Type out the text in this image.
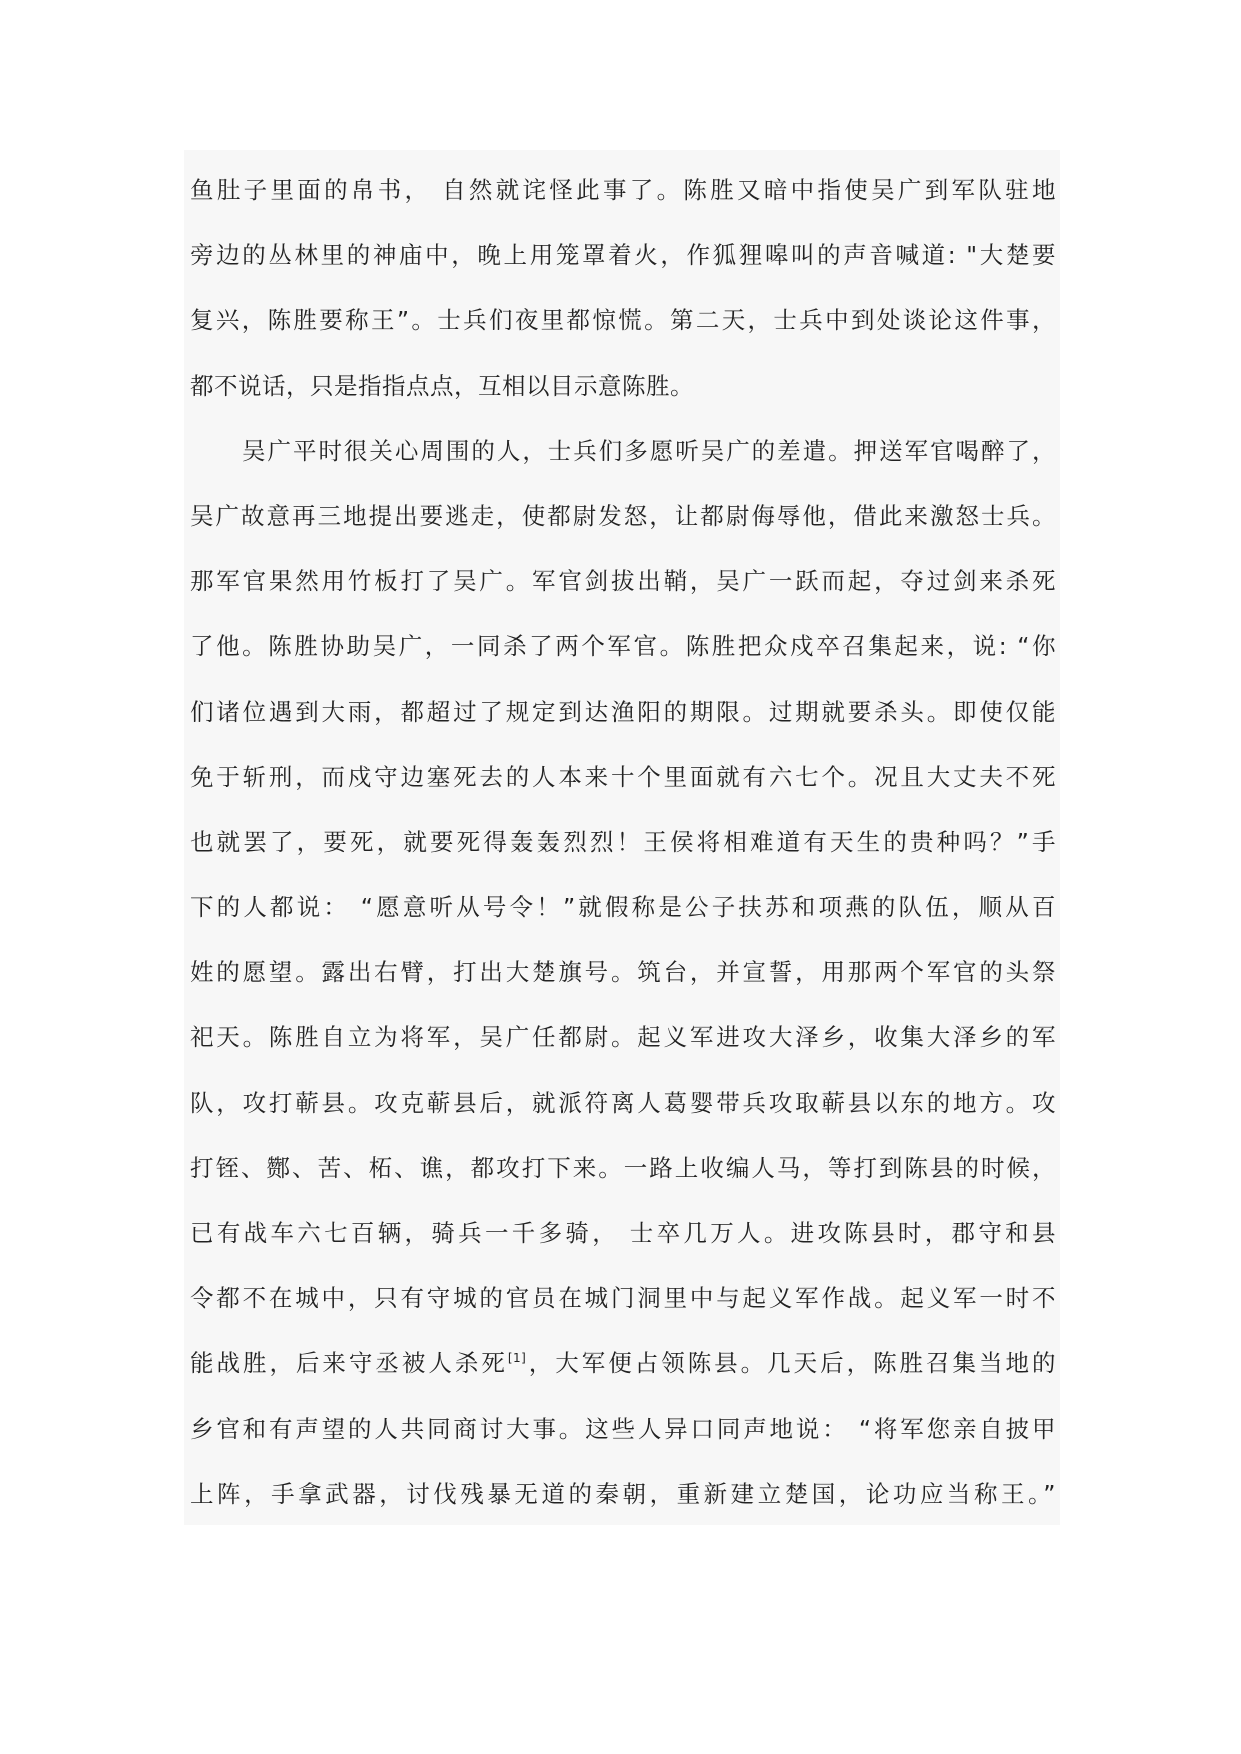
鱼肚子里面的帛书， 自然就诧怪此事了。陈胜又暗中指使吴广到军队驻地
旁边的丛林里的神庙中，晚上用笼罩着火，作狐狸嗥叫的声音喊道: "大楚要
复兴，陈胜要称王”。士兵们夜里都惊慌。第二天，士兵中到处谈论这件事，
都不说话，只是指指点点，互相以目示意陈胜。
吴广平时很关心周围的人，士兵们多愿听吴广的差遣。押送军官喝醉了，
吴广故意再三地提出要逃走，使都尉发怒，让都尉侮辱他，借此来激怒士兵。
那军官果然用竹板打了吴广。军官剑拔出鞘，吴广一跃而起，夺过剑来杀死
了他。陈胜协助吴广，一同杀了两个军官。陈胜把众戍卒召集起来，说: “你
们诸位遇到大雨，都超过了规定到达渔阳的期限。过期就要杀头。即使仅能
免于斩刑，而戍守边塞死去的人本来十个里面就有六七个。况且大丈夫不死
也就罢了，要死，就要死得轰轰烈烈！王侯将相难道有天生的贵种吗？”手
下的人都说： “愿意听从号令！”就假称是公子扶苏和项燕的队伍，顺从百
姓的愿望。露出右臂，打出大楚旗号。筑台，并宣誓，用那两个军官的头祭
祀天。陈胜自立为将军，吴广任都尉。起义军进攻大泽乡，收集大泽乡的军
队，攻打蕲县。攻克蕲县后，就派符离人葛婴带兵攻取蕲县以东的地方。攻
打铚、酂、苦、柘、谯，都攻打下来。一路上收编人马，等打到陈县的时候，
已有战车六七百辆，骑兵一千多骑， 士卒几万人。进攻陈县时，郡守和县
令都不在城中，只有守城的官员在城门洞里中与起义军作战。起义军一时不
能战胜，后来守丞被人杀死[1]，大军便占领陈县。几天后，陈胜召集当地的
乡官和有声望的人共同商讨大事。这些人异口同声地说： “将军您亲自披甲
上阵，手拿武器，讨伐残暴无道的秦朝，重新建立楚国，论功应当称王。”
